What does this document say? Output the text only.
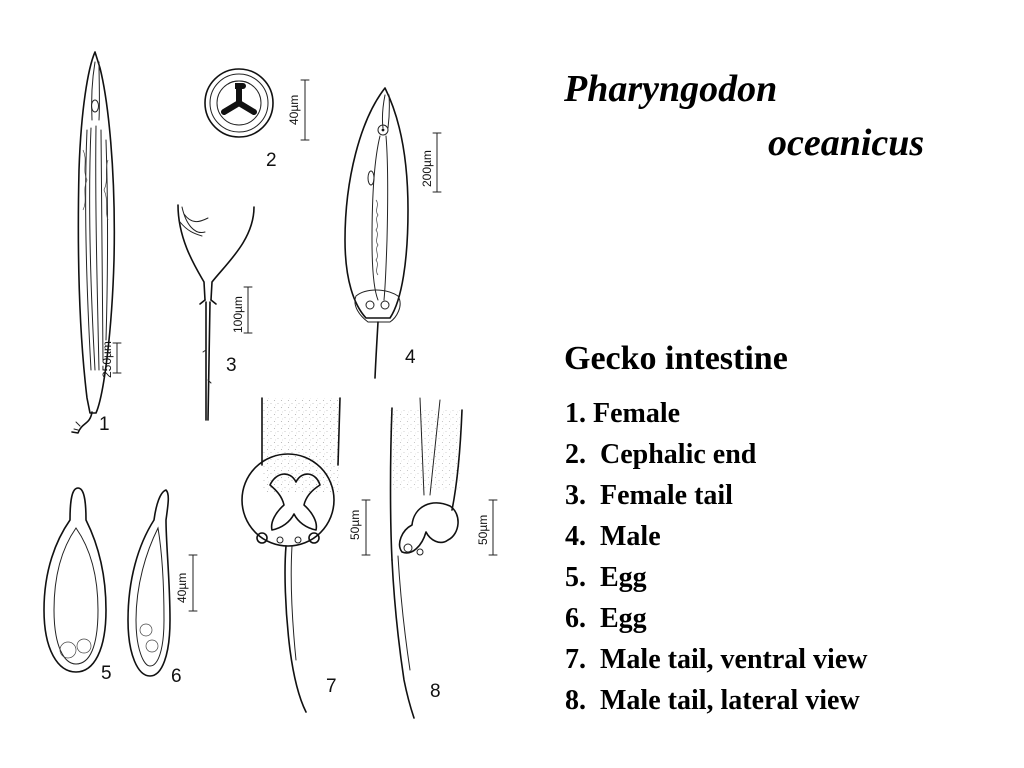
250µm
1
40µm
2
100µm
3
200µm
4
5
40µm
6
50µm
7
50µm
8
Pharyngodon
oceanicus
Gecko intestine
1. Female
2.  Cephalic end
3.  Female tail
4.  Male
5.  Egg
6.  Egg
7.  Male tail, ventral view
8.  Male tail, lateral view
